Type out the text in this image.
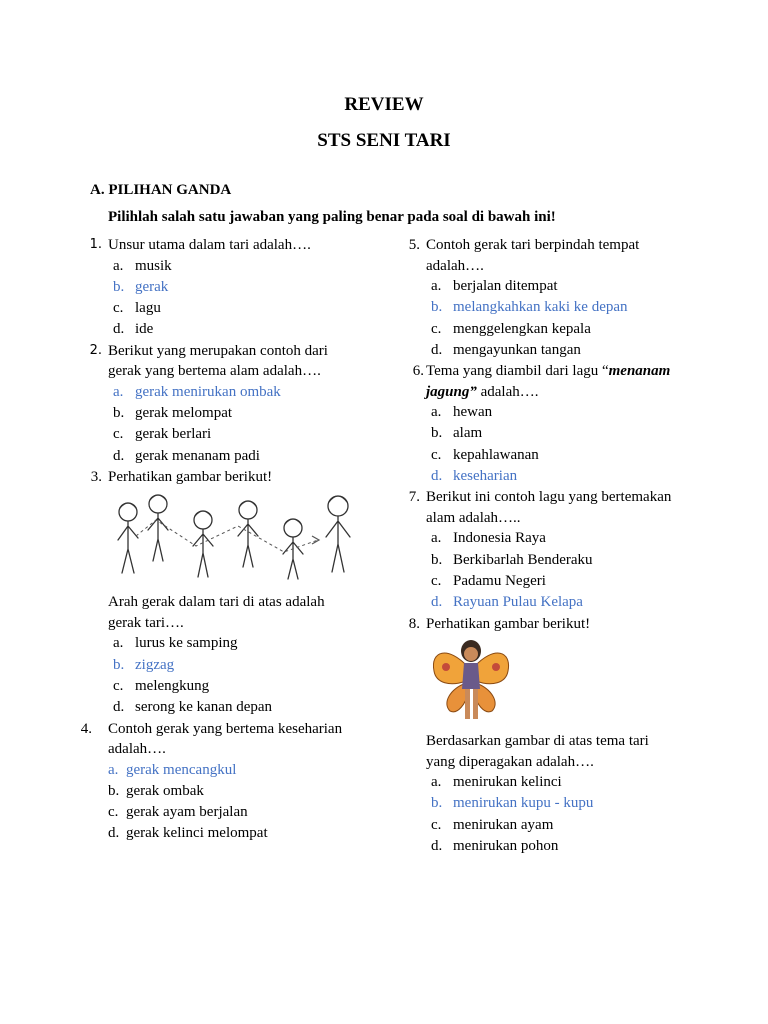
REVIEW
STS SENI TARI
A. PILIHAN GANDA
Pilihlah salah satu jawaban yang paling benar pada soal di bawah ini!
1. Unsur utama dalam tari adalah….
a. musik
b. gerak
c. lagu
d. ide
2. Berikut yang merupakan contoh dari
gerak yang bertema alam adalah….
a. gerak menirukan ombak
b. gerak melompat
c. gerak berlari
d. gerak menanam padi
3. Perhatikan gambar berikut!
Arah gerak dalam tari di atas adalah
gerak tari….
a. lurus ke samping
b. zigzag
c. melengkung
d. serong ke kanan depan
4. Contoh gerak yang bertema keseharian
adalah….
a. gerak mencangkul
b. gerak ombak
c. gerak ayam berjalan
d. gerak kelinci melompat
5. Contoh gerak tari berpindah tempat
adalah….
a. berjalan ditempat
b. melangkahkan kaki ke depan
c. menggelengkan kepala
d. mengayunkan tangan
6. Tema yang diambil dari lagu “menanam
jagung” adalah….
a. hewan
b. alam
c. kepahlawanan
d. keseharian
7. Berikut ini contoh lagu yang bertemakan
alam adalah…..
a. Indonesia Raya
b. Berkibarlah Benderaku
c. Padamu Negeri
d. Rayuan Pulau Kelapa
8. Perhatikan gambar berikut!
Berdasarkan gambar di atas tema tari
yang diperagakan adalah….
a. menirukan kelinci
b. menirukan kupu - kupu
c. menirukan ayam
d. menirukan pohon
